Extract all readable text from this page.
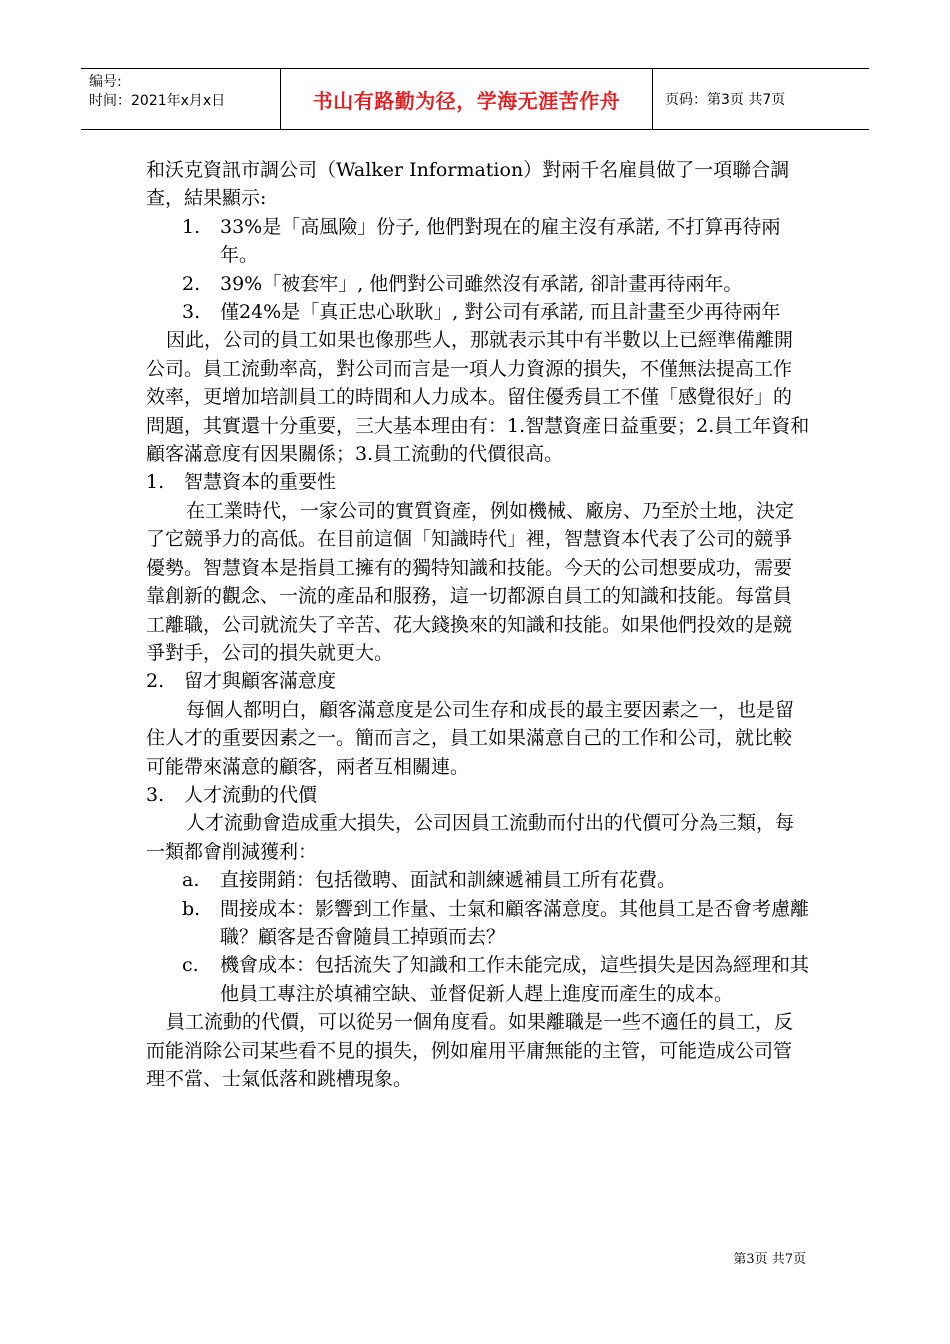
编号:
时间：2021年x月x日	书山有路勤为径，学海无涯苦作舟	页码：第3页 共7页

和沃克資訊市調公司（Walker Information）對兩千名雇員做了一項聯合調查，結果顯示:

1.	33%是「高風險」份子, 他們對現在的雇主沒有承諾, 不打算再待兩年。
2.	39%「被套牢」, 他們對公司雖然沒有承諾, 卻計畫再待兩年。
3.	僅24%是「真正忠心耿耿」, 對公司有承諾, 而且計畫至少再待兩年

因此，公司的員工如果也像那些人，那就表示其中有半數以上已經準備離開公司。員工流動率高，對公司而言是一項人力資源的損失，不僅無法提高工作效率，更增加培訓員工的時間和人力成本。留住優秀員工不僅「感覺很好」的問題，其實還十分重要，三大基本理由有：1.智慧資產日益重要；2.員工年資和顧客滿意度有因果關係；3.員工流動的代價很高。

1.	智慧資本的重要性

在工業時代，一家公司的實質資產，例如機械、廠房、乃至於土地，決定了它競爭力的高低。在目前這個「知識時代」裡，智慧資本代表了公司的競爭優勢。智慧資本是指員工擁有的獨特知識和技能。今天的公司想要成功，需要靠創新的觀念、一流的產品和服務，這一切都源自員工的知識和技能。每當員工離職，公司就流失了辛苦、花大錢換來的知識和技能。如果他們投效的是競爭對手，公司的損失就更大。

2.	留才與顧客滿意度

每個人都明白，顧客滿意度是公司生存和成長的最主要因素之一，也是留住人才的重要因素之一。簡而言之，員工如果滿意自己的工作和公司，就比較可能帶來滿意的顧客，兩者互相關連。

3.	人才流動的代價

人才流動會造成重大損失，公司因員工流動而付出的代價可分為三類，每一類都會削減獲利：

a.	直接開銷：包括徵聘、面試和訓練遞補員工所有花費。
b.	間接成本：影響到工作量、士氣和顧客滿意度。其他員工是否會考慮離職？顧客是否會隨員工掉頭而去？
c.	機會成本：包括流失了知識和工作未能完成，這些損失是因為經理和其他員工專注於填補空缺、並督促新人趕上進度而產生的成本。

員工流動的代價，可以從另一個角度看。如果離職是一些不適任的員工，反而能消除公司某些看不見的損失，例如雇用平庸無能的主管，可能造成公司管理不當、士氣低落和跳槽現象。

第3页 共7页
